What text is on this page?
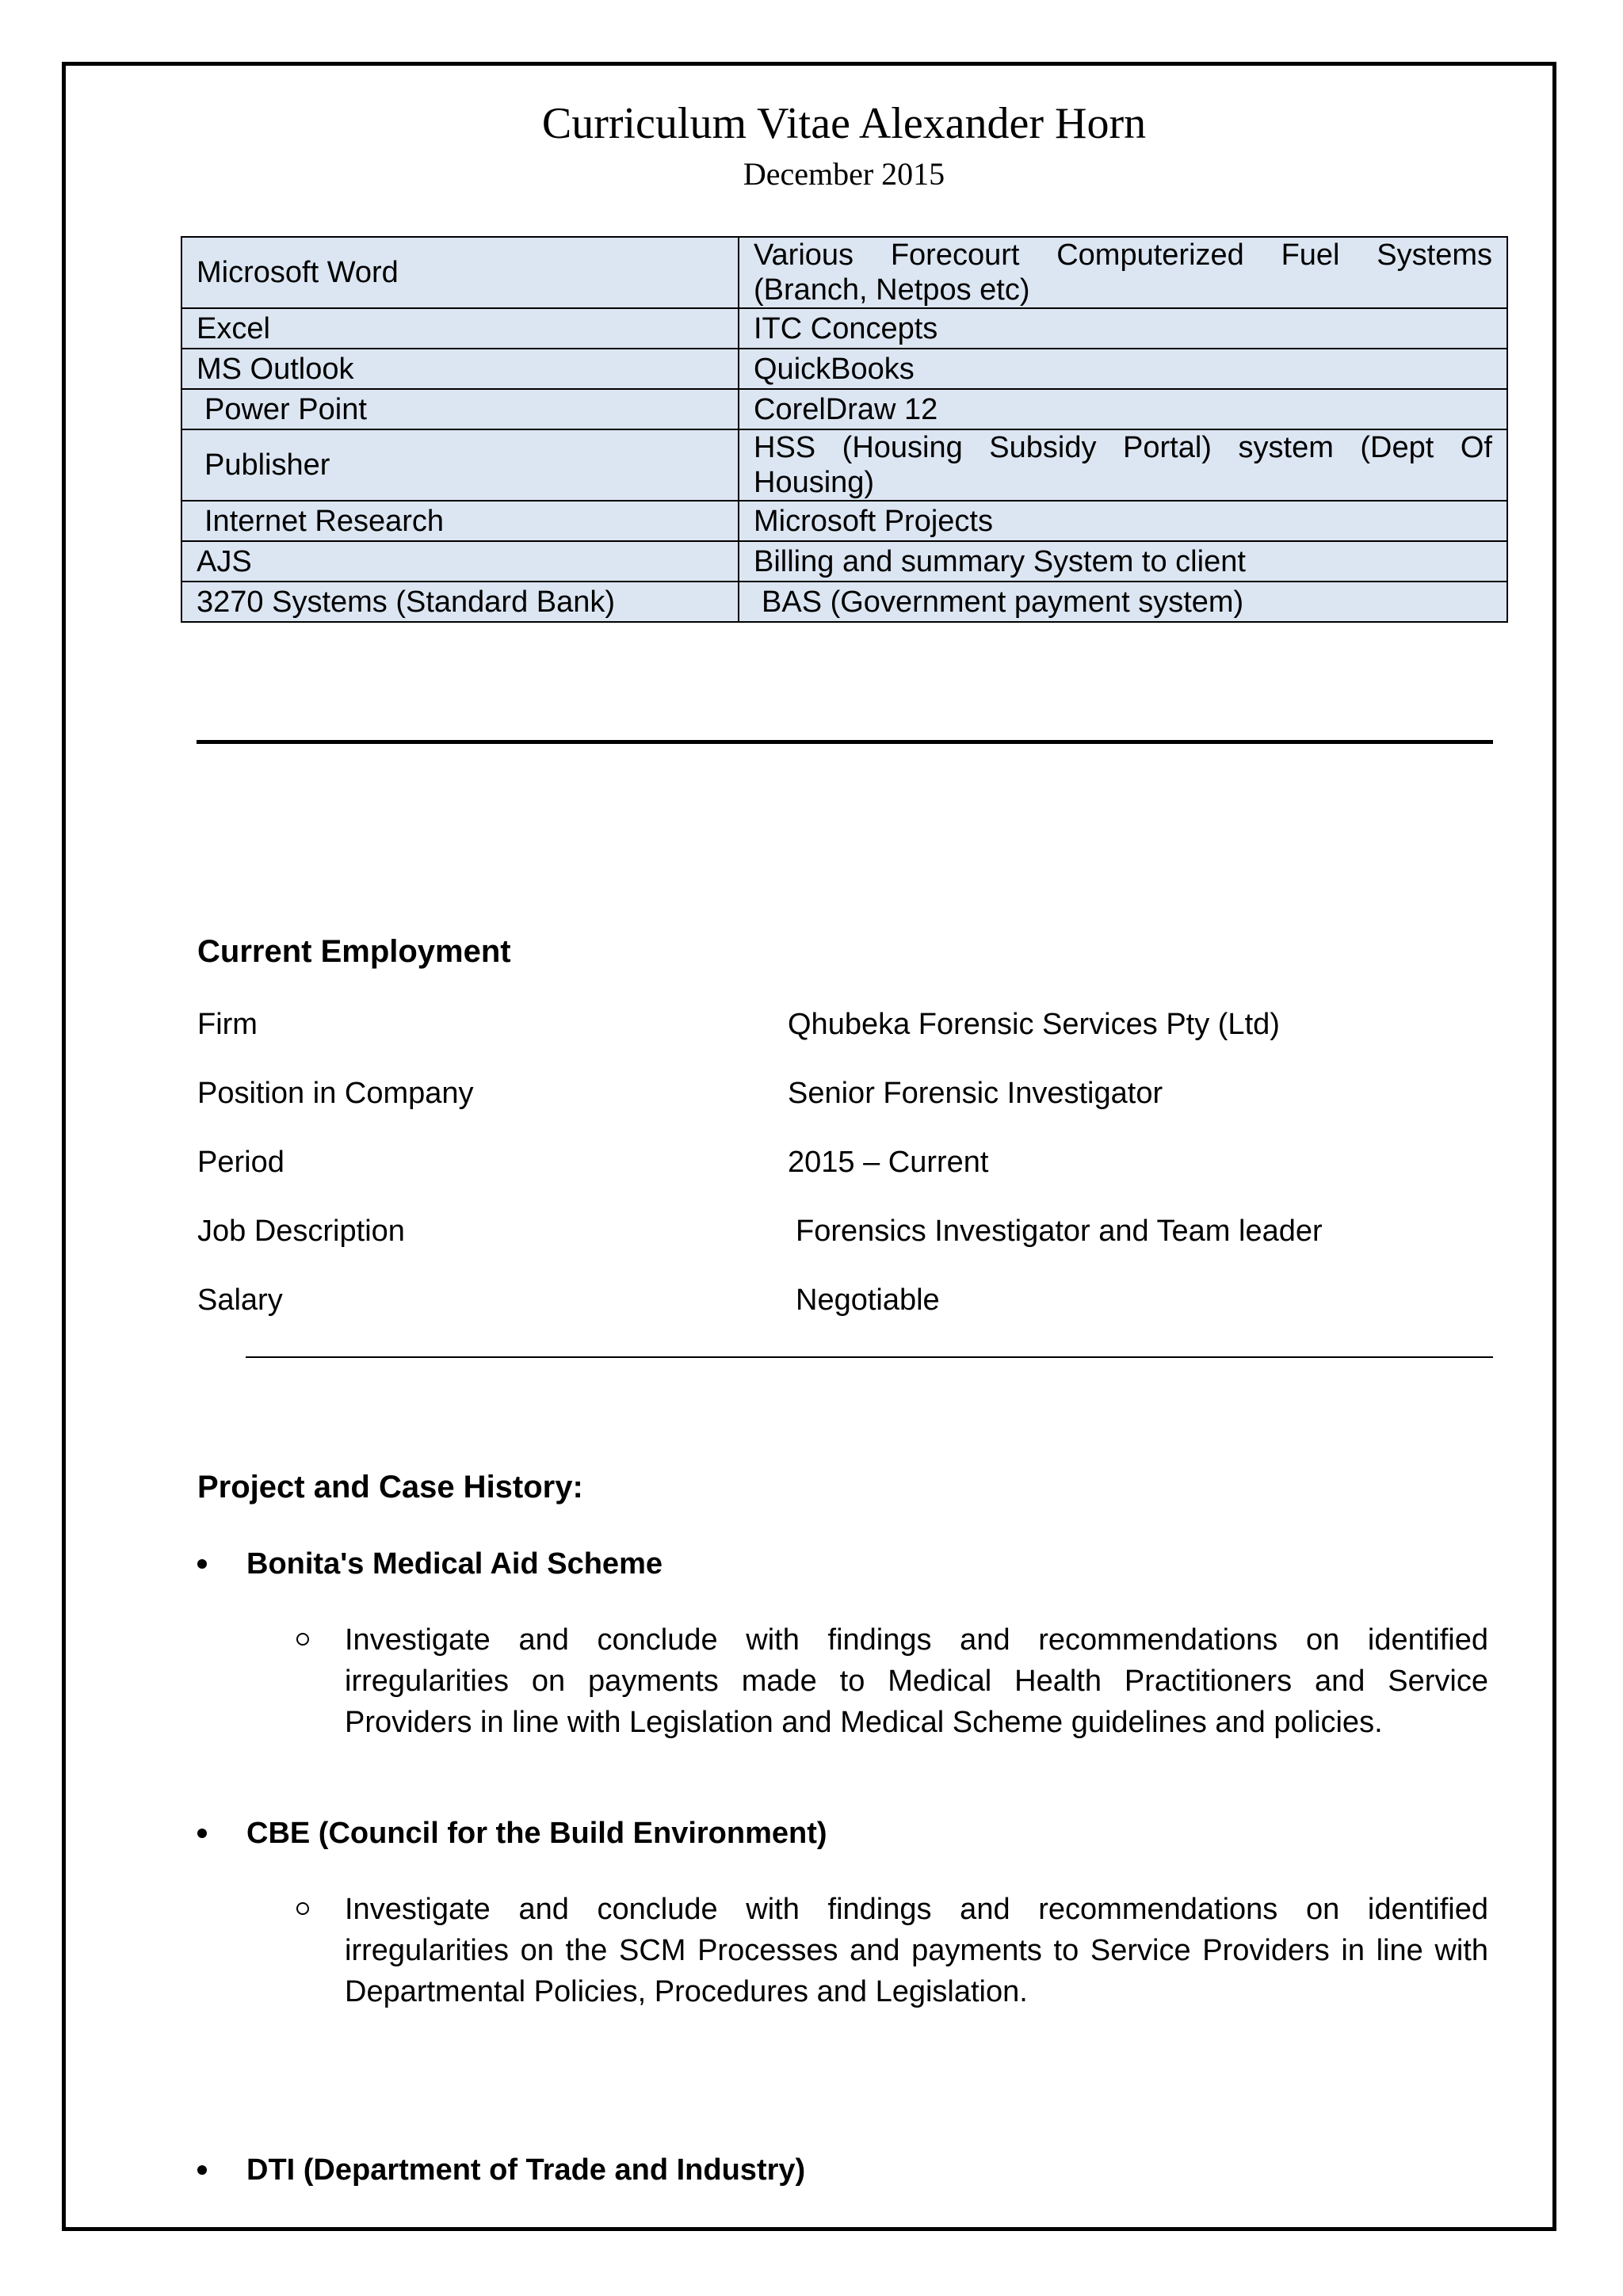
Curriculum Vitae Alexander Horn
December 2015
Microsoft Word	Various Forecourt Computerized Fuel Systems (Branch, Netpos etc)
Excel	ITC Concepts
MS Outlook	QuickBooks
Power Point	CorelDraw 12
Publisher	HSS (Housing Subsidy Portal) system (Dept Of Housing)
Internet Research	Microsoft Projects
AJS	Billing and summary System to client
3270 Systems (Standard Bank)	BAS (Government payment system)
Current Employment
Firm	Qhubeka Forensic Services Pty (Ltd)
Position in Company	Senior Forensic Investigator
Period	2015 – Current
Job Description	Forensics Investigator and Team leader
Salary	Negotiable
Project and Case History:
Bonita's Medical Aid Scheme
Investigate and conclude with findings and recommendations on identified irregularities on payments made to Medical Health Practitioners and Service Providers in line with Legislation and Medical Scheme guidelines and policies.
CBE (Council for the Build Environment)
Investigate and conclude with findings and recommendations on identified irregularities on the SCM Processes and payments to Service Providers in line with Departmental Policies, Procedures and Legislation.
DTI (Department of Trade and Industry)
